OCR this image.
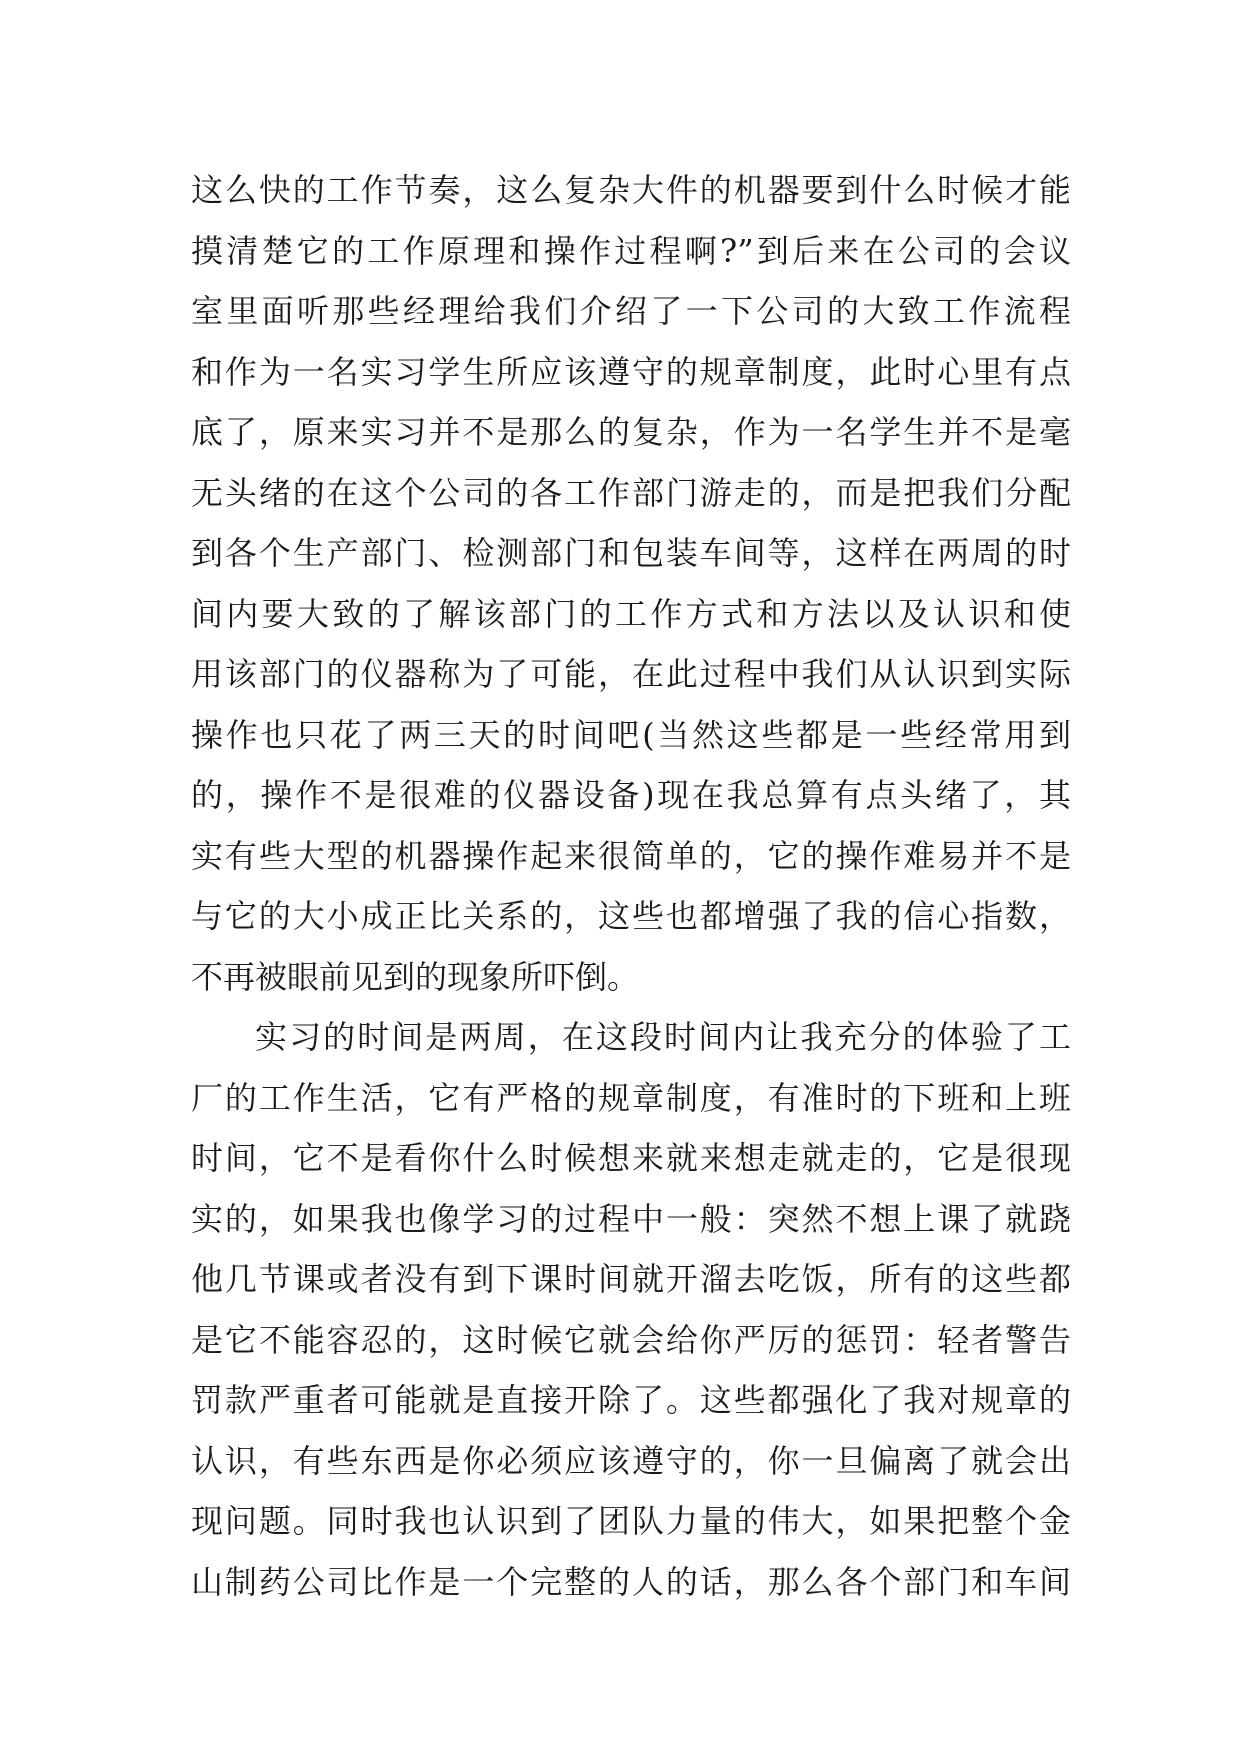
这么快的工作节奏，这么复杂大件的机器要到什么时候才能
摸清楚它的工作原理和操作过程啊?”到后来在公司的会议
室里面听那些经理给我们介绍了一下公司的大致工作流程
和作为一名实习学生所应该遵守的规章制度，此时心里有点
底了，原来实习并不是那么的复杂，作为一名学生并不是毫
无头绪的在这个公司的各工作部门游走的，而是把我们分配
到各个生产部门、检测部门和包装车间等，这样在两周的时
间内要大致的了解该部门的工作方式和方法以及认识和使
用该部门的仪器称为了可能，在此过程中我们从认识到实际
操作也只花了两三天的时间吧(当然这些都是一些经常用到
的，操作不是很难的仪器设备)现在我总算有点头绪了，其
实有些大型的机器操作起来很简单的，它的操作难易并不是
与它的大小成正比关系的，这些也都增强了我的信心指数，
不再被眼前见到的现象所吓倒。
实习的时间是两周，在这段时间内让我充分的体验了工
厂的工作生活，它有严格的规章制度，有准时的下班和上班
时间，它不是看你什么时候想来就来想走就走的，它是很现
实的，如果我也像学习的过程中一般：突然不想上课了就跷
他几节课或者没有到下课时间就开溜去吃饭，所有的这些都
是它不能容忍的，这时候它就会给你严厉的惩罚：轻者警告
罚款严重者可能就是直接开除了。这些都强化了我对规章的
认识，有些东西是你必须应该遵守的，你一旦偏离了就会出
现问题。同时我也认识到了团队力量的伟大，如果把整个金
山制药公司比作是一个完整的人的话，那么各个部门和车间
